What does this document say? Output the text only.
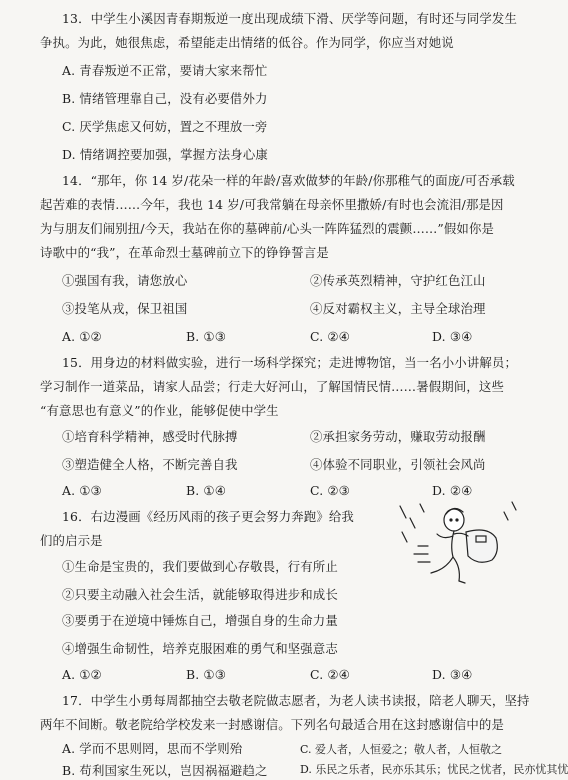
13．中学生小溪因青春期叛逆一度出现成绩下滑、厌学等问题，有时还与同学发生
争执。为此，她很焦虑，希望能走出情绪的低谷。作为同学，你应当对她说
A. 青春叛逆不正常，要请大家来帮忙
B. 情绪管理靠自己，没有必要借外力
C. 厌学焦虑又何妨，置之不理放一旁
D. 情绪调控要加强，掌握方法身心康
14．“那年，你 14 岁/花朵一样的年龄/喜欢做梦的年龄/你那稚气的面庞/可否承载
起苦难的表情……今年，我也 14 岁/可我常躺在母亲怀里撒娇/有时也会流泪/那是因
为与朋友们闹别扭/今天，我站在你的墓碑前/心头一阵阵猛烈的震颤……”假如你是
诗歌中的“我”，在革命烈士墓碑前立下的铮铮誓言是
①强国有我，请您放心	②传承英烈精神，守护红色江山
③投笔从戎，保卫祖国	④反对霸权主义，主导全球治理
A. ①②	B. ①③	C. ②④	D. ③④
15．用身边的材料做实验，进行一场科学探究；走进博物馆，当一名小小讲解员；
学习制作一道菜品，请家人品尝；行走大好河山，了解国情民情……暑假期间，这些
“有意思也有意义”的作业，能够促使中学生
①培育科学精神，感受时代脉搏	②承担家务劳动，赚取劳动报酬
③塑造健全人格，不断完善自我	④体验不同职业，引领社会风尚
A. ①③	B. ①④	C. ②③	D. ②④
16．右边漫画《经历风雨的孩子更会努力奔跑》给我
们的启示是
①生命是宝贵的，我们要做到心存敬畏，行有所止
②只要主动融入社会生活，就能够取得进步和成长
③要勇于在逆境中锤炼自己，增强自身的生命力量
④增强生命韧性，培养克服困难的勇气和坚强意志
A. ①②	B. ①③	C. ②④	D. ③④
17．中学生小勇每周都抽空去敬老院做志愿者，为老人读书读报，陪老人聊天，坚持
两年不间断。敬老院给学校发来一封感谢信。下列名句最适合用在这封感谢信中的是
A. 学而不思则罔，思而不学则殆
B. 苟利国家生死以，岂因祸福避趋之
C. 爱人者，人恒爱之；敬人者，人恒敬之
D. 乐民之乐者，民亦乐其乐；忧民之忧者，民亦忧其忧
